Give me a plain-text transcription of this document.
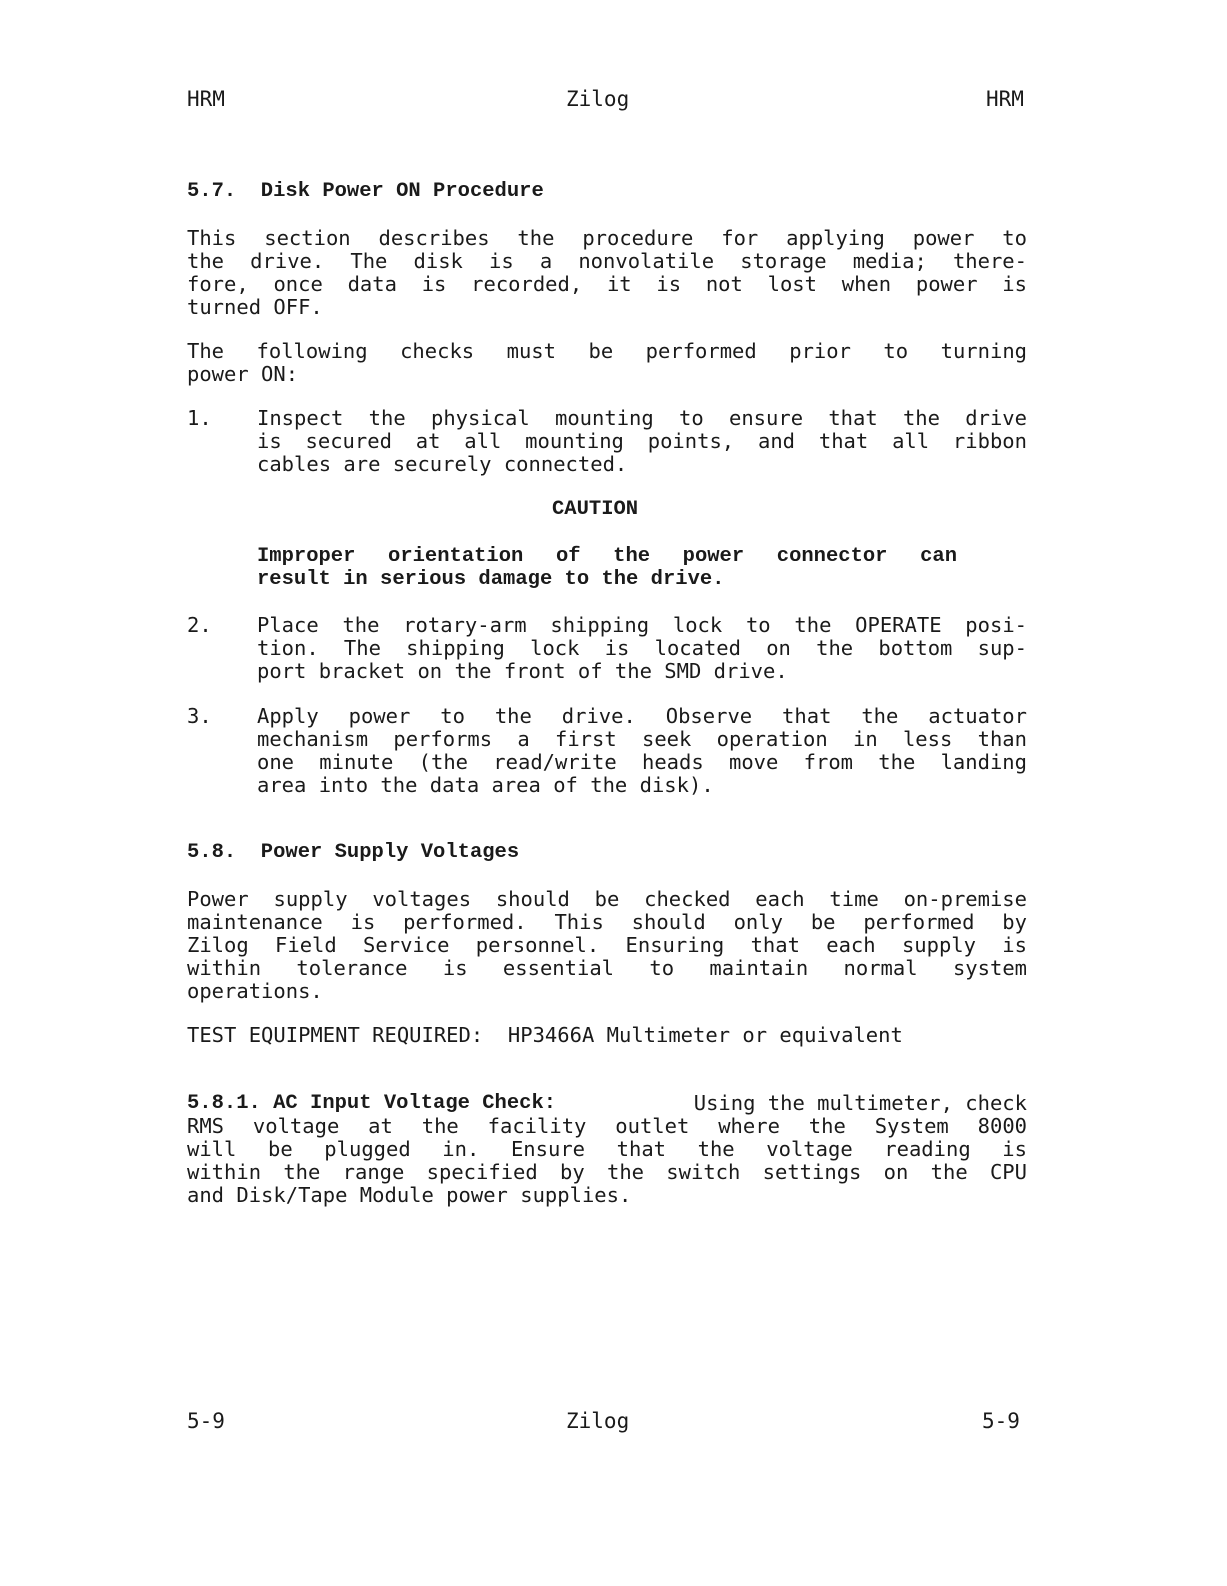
HRM	Zilog	HRM
5.7.  Disk Power ON Procedure
This section describes the procedure for applying power to
the drive. The disk is a nonvolatile storage media; there-
fore, once data is recorded, it is not lost when power is
turned OFF.
The following checks must be performed prior to turning
power ON:
1. Inspect the physical mounting to ensure that the drive
is secured at all mounting points, and that all ribbon
cables are securely connected.
CAUTION
Improper orientation of the power connector can
result in serious damage to the drive.
2. Place the rotary-arm shipping lock to the OPERATE posi-
tion. The shipping lock is located on the bottom sup-
port bracket on the front of the SMD drive.
3. Apply power to the drive. Observe that the actuator
mechanism performs a first seek operation in less than
one minute (the read/write heads move from the landing
area into the data area of the disk).
5.8.  Power Supply Voltages
Power supply voltages should be checked each time on-premise
maintenance is performed. This should only be performed by
Zilog Field Service personnel. Ensuring that each supply is
within tolerance is essential to maintain normal system
operations.
TEST EQUIPMENT REQUIRED:  HP3466A Multimeter or equivalent
5.8.1. AC Input Voltage Check:	Using the multimeter, check
RMS voltage at the facility outlet where the System 8000
will be plugged in. Ensure that the voltage reading is
within the range specified by the switch settings on the CPU
and Disk/Tape Module power supplies.
5-9	Zilog	5-9
